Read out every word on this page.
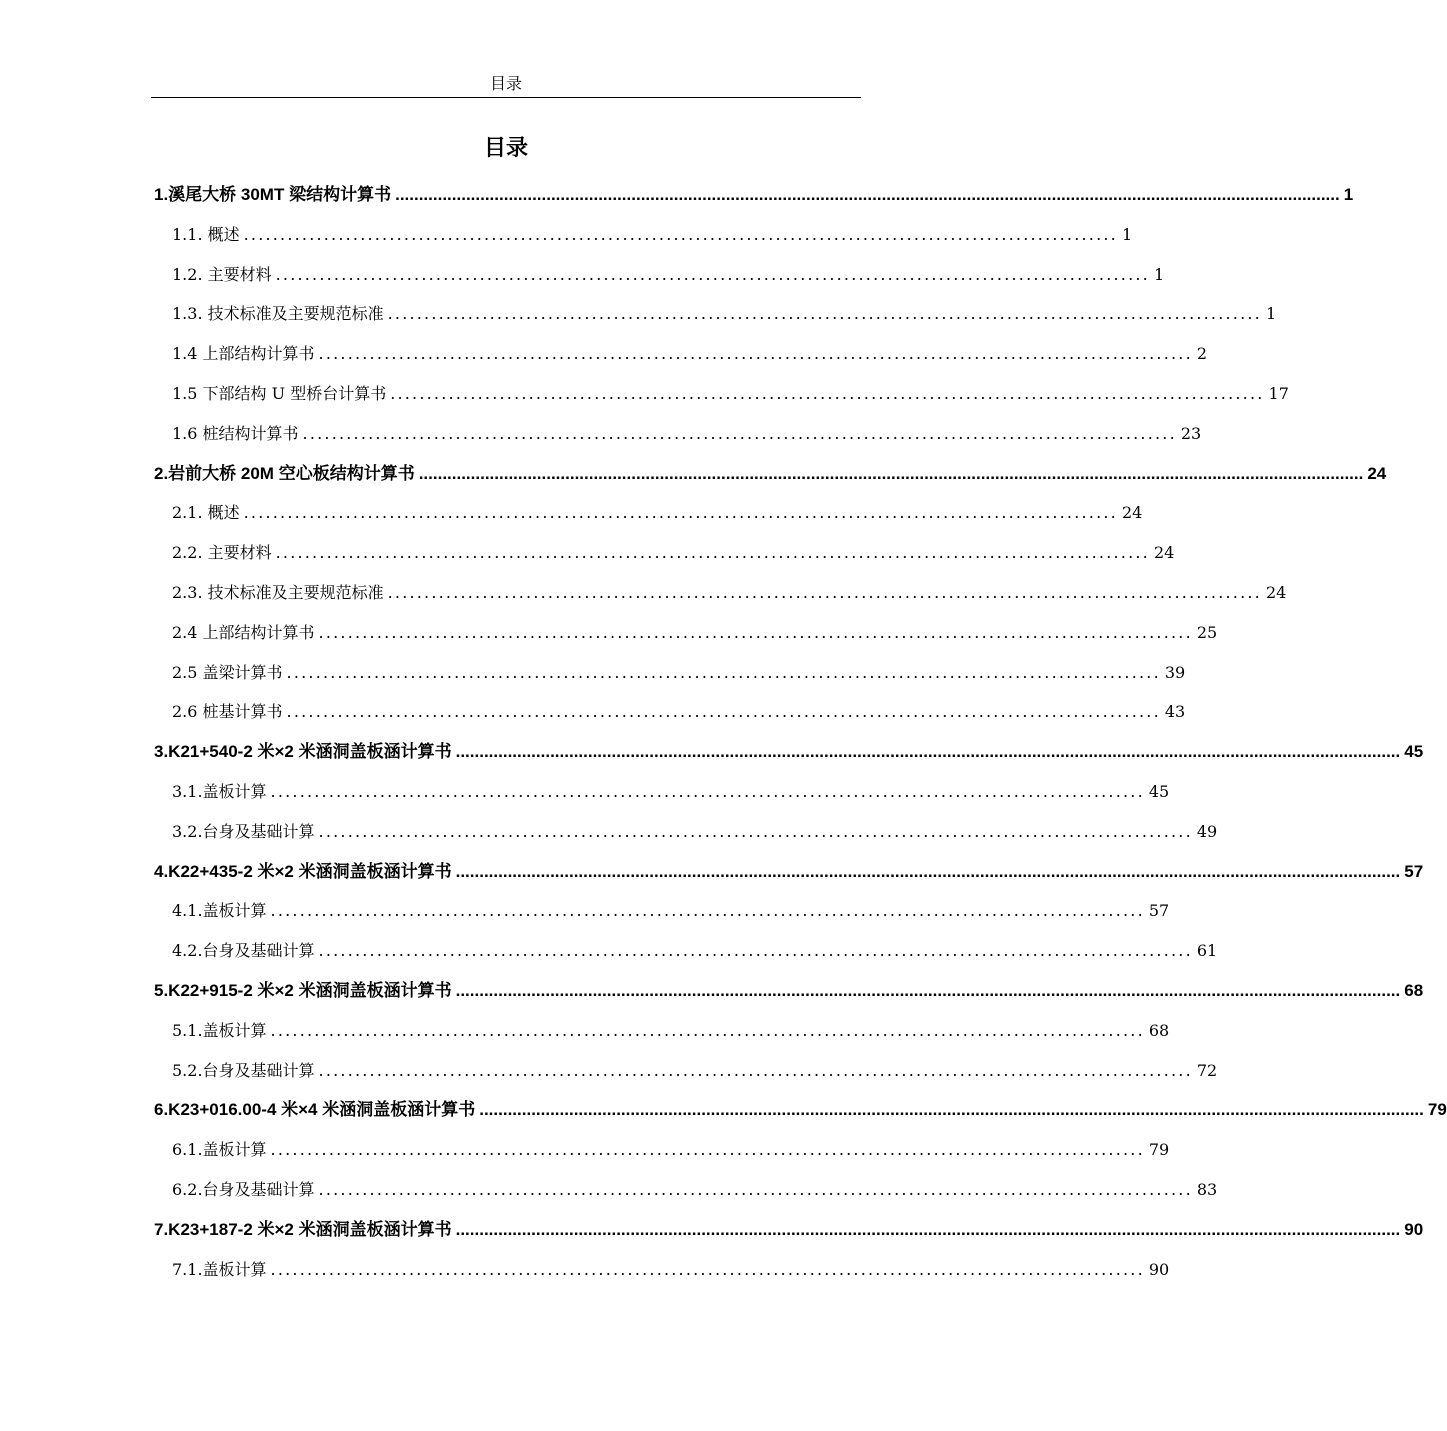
目录
目录
1.溪尾大桥 30MT 梁结构计算书 ........................................................................................................................................................................................................ 1
1.1. 概述 ........................................................................................................................ 1
1.2. 主要材料 ........................................................................................................................ 1
1.3. 技术标准及主要规范标准 ........................................................................................................................ 1
1.4 上部结构计算书 ........................................................................................................................ 2
1.5 下部结构 U 型桥台计算书 ........................................................................................................................ 17
1.6 桩结构计算书 ........................................................................................................................ 23
2.岩前大桥 20M 空心板结构计算书 ........................................................................................................................................................................................................ 24
2.1. 概述 ........................................................................................................................ 24
2.2. 主要材料 ........................................................................................................................ 24
2.3. 技术标准及主要规范标准 ........................................................................................................................ 24
2.4 上部结构计算书 ........................................................................................................................ 25
2.5 盖梁计算书 ........................................................................................................................ 39
2.6 桩基计算书 ........................................................................................................................ 43
3.K21+540-2 米×2 米涵洞盖板涵计算书 ........................................................................................................................................................................................................ 45
3.1.盖板计算 ........................................................................................................................ 45
3.2.台身及基础计算 ........................................................................................................................ 49
4.K22+435-2 米×2 米涵洞盖板涵计算书 ........................................................................................................................................................................................................ 57
4.1.盖板计算 ........................................................................................................................ 57
4.2.台身及基础计算 ........................................................................................................................ 61
5.K22+915-2 米×2 米涵洞盖板涵计算书 ........................................................................................................................................................................................................ 68
5.1.盖板计算 ........................................................................................................................ 68
5.2.台身及基础计算 ........................................................................................................................ 72
6.K23+016.00-4 米×4 米涵洞盖板涵计算书 ........................................................................................................................................................................................................ 79
6.1.盖板计算 ........................................................................................................................ 79
6.2.台身及基础计算 ........................................................................................................................ 83
7.K23+187-2 米×2 米涵洞盖板涵计算书 ........................................................................................................................................................................................................ 90
7.1.盖板计算 ........................................................................................................................ 90
